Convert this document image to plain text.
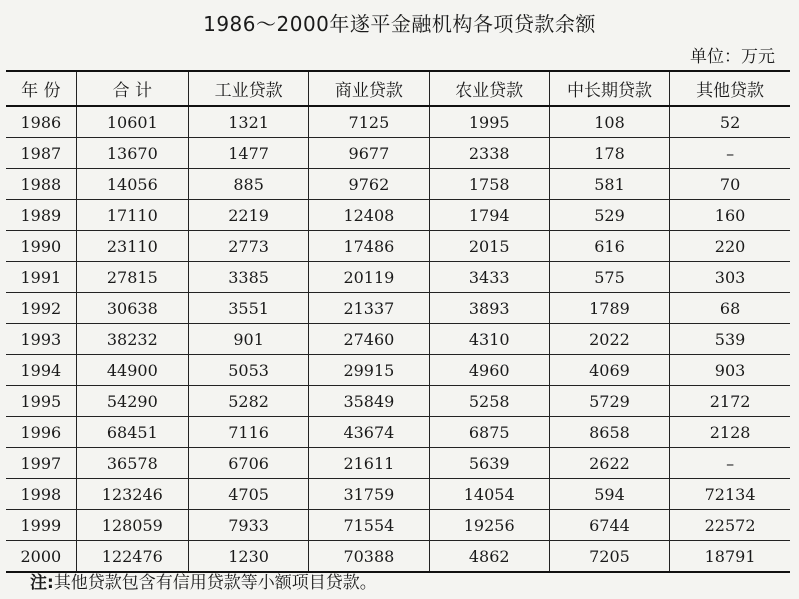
1986～2000年遂平金融机构各项贷款余额
单位：万元
年 份	合 计	工业贷款	商业贷款	农业贷款	中长期贷款	其他贷款
1986	10601	1321	7125	1995	108	52
1987	13670	1477	9677	2338	178	–
1988	14056	885	9762	1758	581	70
1989	17110	2219	12408	1794	529	160
1990	23110	2773	17486	2015	616	220
1991	27815	3385	20119	3433	575	303
1992	30638	3551	21337	3893	1789	68
1993	38232	901	27460	4310	2022	539
1994	44900	5053	29915	4960	4069	903
1995	54290	5282	35849	5258	5729	2172
1996	68451	7116	43674	6875	8658	2128
1997	36578	6706	21611	5639	2622	–
1998	123246	4705	31759	14054	594	72134
1999	128059	7933	71554	19256	6744	22572
2000	122476	1230	70388	4862	7205	18791
注:其他贷款包含有信用贷款等小额项目贷款。
